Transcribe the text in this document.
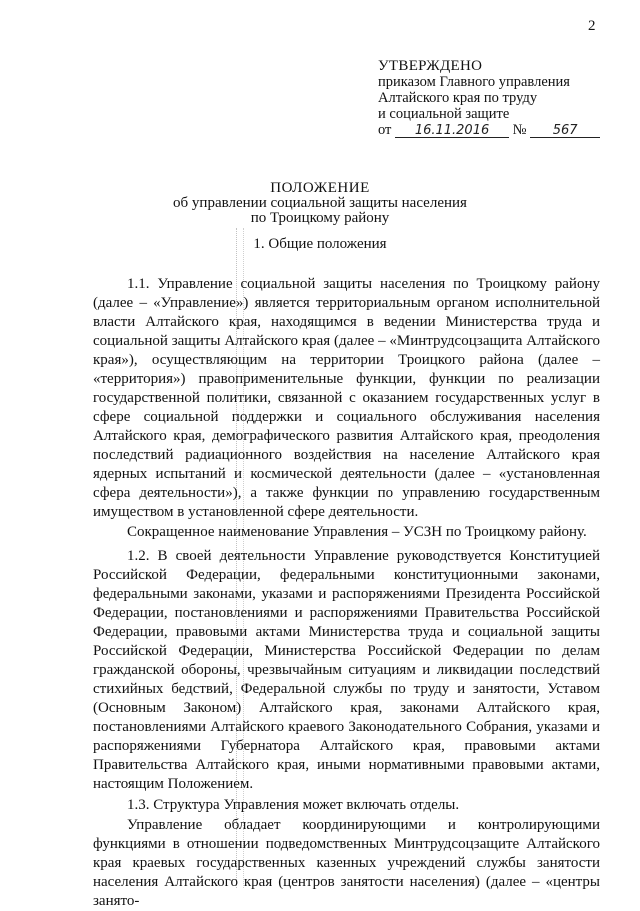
2
УТВЕРЖДЕНО
приказом Главного управления
Алтайского края по труду
и социальной защите
от 16.11.2016 № 567
ПОЛОЖЕНИЕ
об управлении социальной защиты населения
по Троицкому району
1. Общие положения

1.1. Управление социальной защиты населения по Троицкому району (далее – «Управление») является территориальным органом исполнительной власти Алтайского края, находящимся в ведении Министерства труда и социальной защиты Алтайского края (далее – «Минтрудсоцзащита Алтайского края»), осуществляющим на территории Троицкого района (далее – «территория») правоприменительные функции, функции по реализации государственной политики, связанной с оказанием государственных услуг в сфере социальной поддержки и социального обслуживания населения Алтайского края, демографического развития Алтайского края, преодоления последствий радиационного воздействия на население Алтайского края ядерных испытаний и космической деятельности (далее – «установленная сфера деятельности»), а также функции по управлению государственным имуществом в установленной сфере деятельности.

Сокращенное наименование Управления – УСЗН по Троицкому району.

1.2. В своей деятельности Управление руководствуется Конституцией Российской Федерации, федеральными конституционными законами, федеральными законами, указами и распоряжениями Президента Российской Федерации, постановлениями и распоряжениями Правительства Российской Федерации, правовыми актами Министерства труда и социальной защиты Российской Федерации, Министерства Российской Федерации по делам гражданской обороны, чрезвычайным ситуациям и ликвидации последствий стихийных бедствий, Федеральной службы по труду и занятости, Уставом (Основным Законом) Алтайского края, законами Алтайского края, постановлениями Алтайского краевого Законодательного Собрания, указами и распоряжениями Губернатора Алтайского края, правовыми актами Правительства Алтайского края, иными нормативными правовыми актами, настоящим Положением.

1.3. Структура Управления может включать отделы.

Управление обладает координирующими и контролирующими функциями в отношении подведомственных Минтрудсоцзащите Алтайского края краевых государственных казенных учреждений службы занятости населения Алтайского края (центров занятости населения) (далее – «центры занято-
